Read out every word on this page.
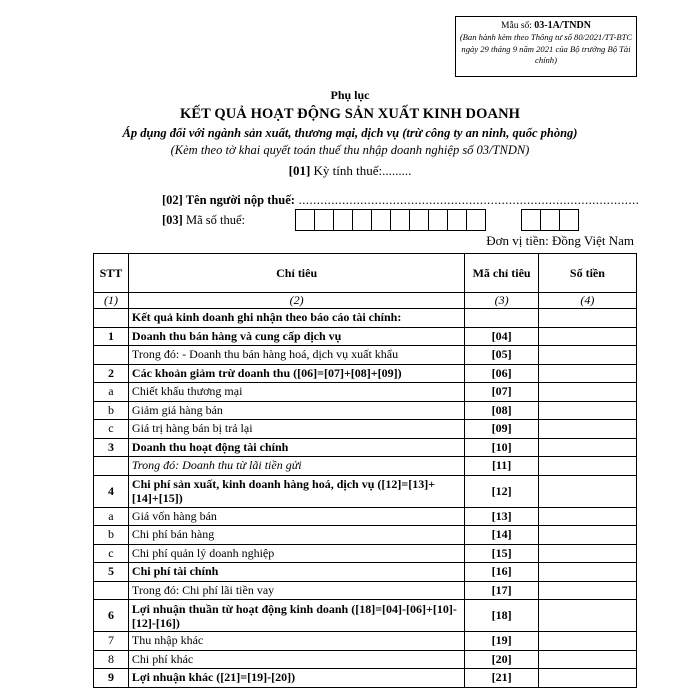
Mẫu số: 03-1A/TNDN
(Ban hành kèm theo Thông tư số 80/2021/TT-BTC ngày 29 tháng 9 năm 2021 của Bộ trưởng Bộ Tài chính)
Phụ lục
KẾT QUẢ HOẠT ĐỘNG SẢN XUẤT KINH DOANH
Áp dụng đối với ngành sản xuất, thương mại, dịch vụ (trừ công ty an ninh, quốc phòng)
(Kèm theo tờ khai quyết toán thuế thu nhập doanh nghiệp số 03/TNDN)
[01] Kỳ tính thuế:.........
[02] Tên người nộp thuế: ..............................................................................................
[03] Mã số thuế:
Đơn vị tiền: Đồng Việt Nam
STT	Chỉ tiêu	Mã chỉ tiêu	Số tiền
(1)	(2)	(3)	(4)
	Kết quả kinh doanh ghi nhận theo báo cáo tài chính:		
1	Doanh thu bán hàng và cung cấp dịch vụ	[04]	
	Trong đó: - Doanh thu bán hàng hoá, dịch vụ xuất khẩu	[05]	
2	Các khoản giảm trừ doanh thu ([06]=[07]+[08]+[09])	[06]	
a	Chiết khấu thương mại	[07]	
b	Giảm giá hàng bán	[08]	
c	Giá trị hàng bán bị trả lại	[09]	
3	Doanh thu hoạt động tài chính	[10]	
	Trong đó: Doanh thu từ lãi tiền gửi	[11]	
4	Chi phí sản xuất, kinh doanh hàng hoá, dịch vụ ([12]=[13]+[14]+[15])	[12]	
a	Giá vốn hàng bán	[13]	
b	Chi phí bán hàng	[14]	
c	Chi phí quản lý doanh nghiệp	[15]	
5	Chi phí tài chính	[16]	
	Trong đó: Chi phí lãi tiền vay	[17]	
6	Lợi nhuận thuần từ hoạt động kinh doanh ([18]=[04]-[06]+[10]-[12]-[16])	[18]	
7	Thu nhập khác	[19]	
8	Chi phí khác	[20]	
9	Lợi nhuận khác ([21]=[19]-[20])	[21]	
